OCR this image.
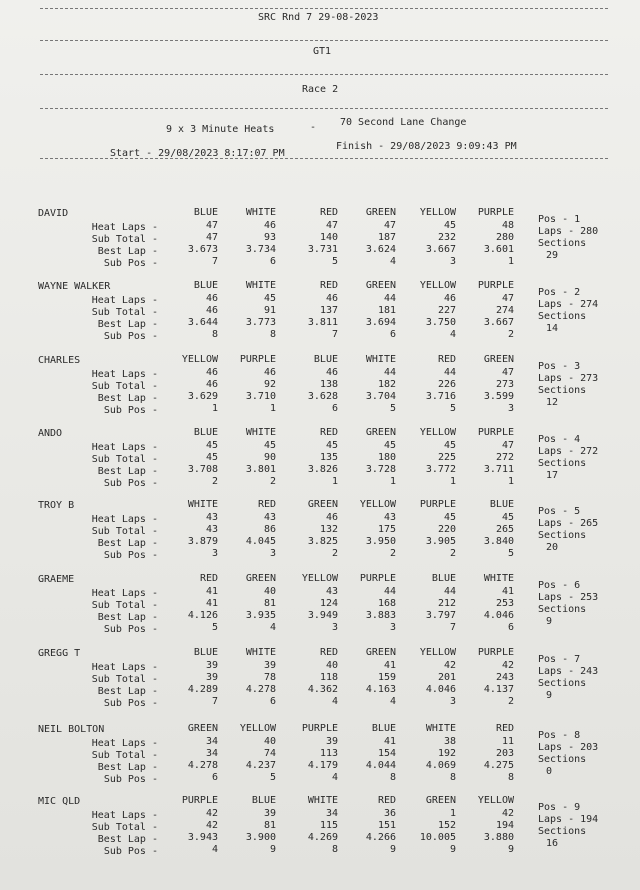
SRC Rnd 7 29-08-2023
GT1
Race 2
9 x 3 Minute Heats	- 70 Second Lane Change
Start - 29/08/2023 8:17:07 PM
Finish - 29/08/2023 9:09:43 PM
DAVID
Heat Laps -
Sub Total -
Best Lap -
Sub Pos -
BLUE
47
47
3.673
7
WHITE
46
93
3.734
6
RED
47
140
3.731
5
GREEN
47
187
3.624
4
YELLOW
45
232
3.667
3
PURPLE
48
280
3.601
1
Pos - 1
Laps - 280
Sections
29
WAYNE WALKER
Heat Laps -
Sub Total -
Best Lap -
Sub Pos -
BLUE
46
46
3.644
8
WHITE
45
91
3.773
8
RED
46
137
3.811
7
GREEN
44
181
3.694
6
YELLOW
46
227
3.750
4
PURPLE
47
274
3.667
2
Pos - 2
Laps - 274
Sections
14
CHARLES
Heat Laps -
Sub Total -
Best Lap -
Sub Pos -
YELLOW
46
46
3.629
1
PURPLE
46
92
3.710
1
BLUE
46
138
3.628
6
WHITE
44
182
3.704
5
RED
44
226
3.716
5
GREEN
47
273
3.599
3
Pos - 3
Laps - 273
Sections
12
ANDO
Heat Laps -
Sub Total -
Best Lap -
Sub Pos -
BLUE
45
45
3.708
2
WHITE
45
90
3.801
2
RED
45
135
3.826
1
GREEN
45
180
3.728
1
YELLOW
45
225
3.772
1
PURPLE
47
272
3.711
1
Pos - 4
Laps - 272
Sections
17
TROY B
Heat Laps -
Sub Total -
Best Lap -
Sub Pos -
WHITE
43
43
3.879
3
RED
43
86
4.045
3
GREEN
46
132
3.825
2
YELLOW
43
175
3.950
2
PURPLE
45
220
3.905
2
BLUE
45
265
3.840
5
Pos - 5
Laps - 265
Sections
20
GRAEME
Heat Laps -
Sub Total -
Best Lap -
Sub Pos -
RED
41
41
4.126
5
GREEN
40
81
3.935
4
YELLOW
43
124
3.949
3
PURPLE
44
168
3.883
3
BLUE
44
212
3.797
7
WHITE
41
253
4.046
6
Pos - 6
Laps - 253
Sections
9
GREGG T
Heat Laps -
Sub Total -
Best Lap -
Sub Pos -
BLUE
39
39
4.289
7
WHITE
39
78
4.278
6
RED
40
118
4.362
4
GREEN
41
159
4.163
4
YELLOW
42
201
4.046
3
PURPLE
42
243
4.137
2
Pos - 7
Laps - 243
Sections
9
NEIL BOLTON
Heat Laps -
Sub Total -
Best Lap -
Sub Pos -
GREEN
34
34
4.278
6
YELLOW
40
74
4.237
5
PURPLE
39
113
4.179
4
BLUE
41
154
4.044
8
WHITE
38
192
4.069
8
RED
11
203
4.275
8
Pos - 8
Laps - 203
Sections
0
MIC QLD
Heat Laps -
Sub Total -
Best Lap -
Sub Pos -
PURPLE
42
42
3.943
4
BLUE
39
81
3.900
9
WHITE
34
115
4.269
8
RED
36
151
4.266
9
GREEN
1
152
10.005
9
YELLOW
42
194
3.880
9
Pos - 9
Laps - 194
Sections
16
